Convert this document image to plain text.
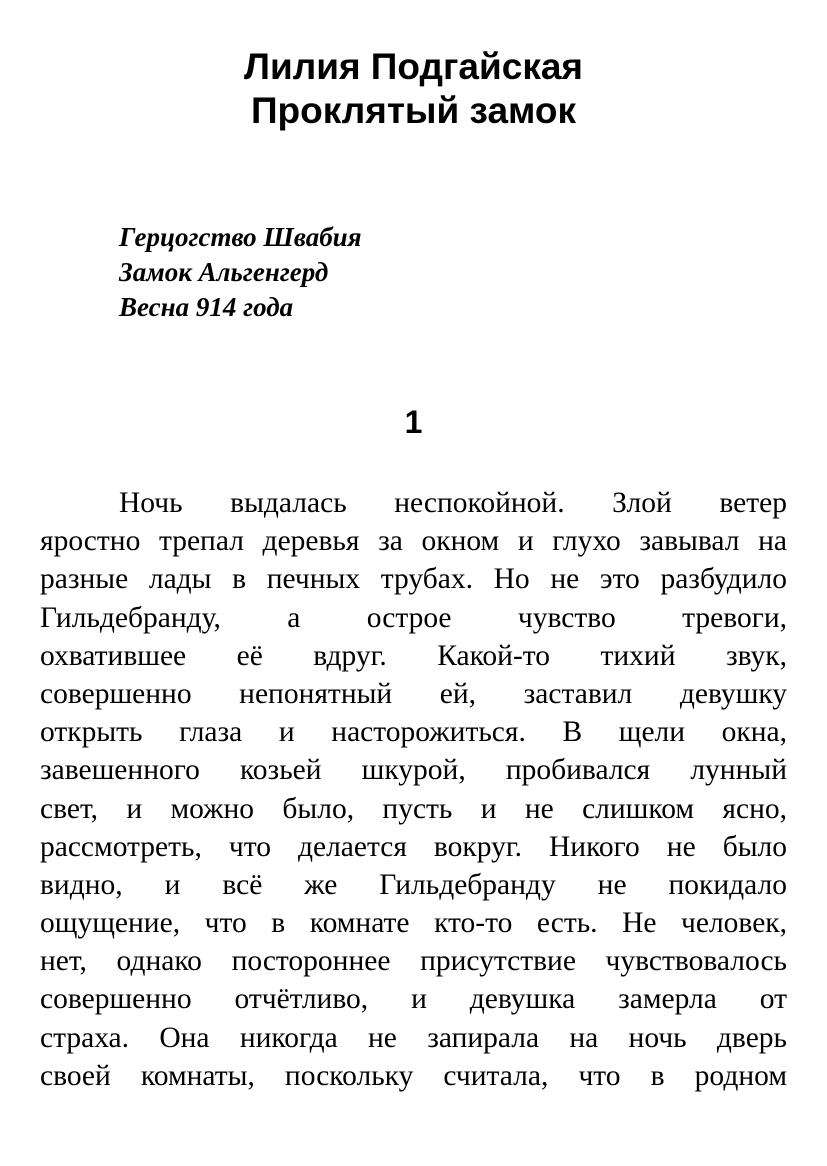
Лилия Подгайская
Проклятый замок
Герцогство Швабия
Замок Альгенгерд
Весна 914 года
1
Ночь выдалась неспокойной. Злой ветер
яростно трепал деревья за окном и глухо завывал на
разные лады в печных трубах. Но не это разбудило
Гильдебранду, а острое чувство тревоги,
охватившее её вдруг. Какой-то тихий звук,
совершенно непонятный ей, заставил девушку
открыть глаза и насторожиться. В щели окна,
завешенного козьей шкурой, пробивался лунный
свет, и можно было, пусть и не слишком ясно,
рассмотреть, что делается вокруг. Никого не было
видно, и всё же Гильдебранду не покидало
ощущение, что в комнате кто-то есть. Не человек,
нет, однако постороннее присутствие чувствовалось
совершенно отчётливо, и девушка замерла от
страха. Она никогда не запирала на ночь дверь
своей комнаты, поскольку считала, что в родном
